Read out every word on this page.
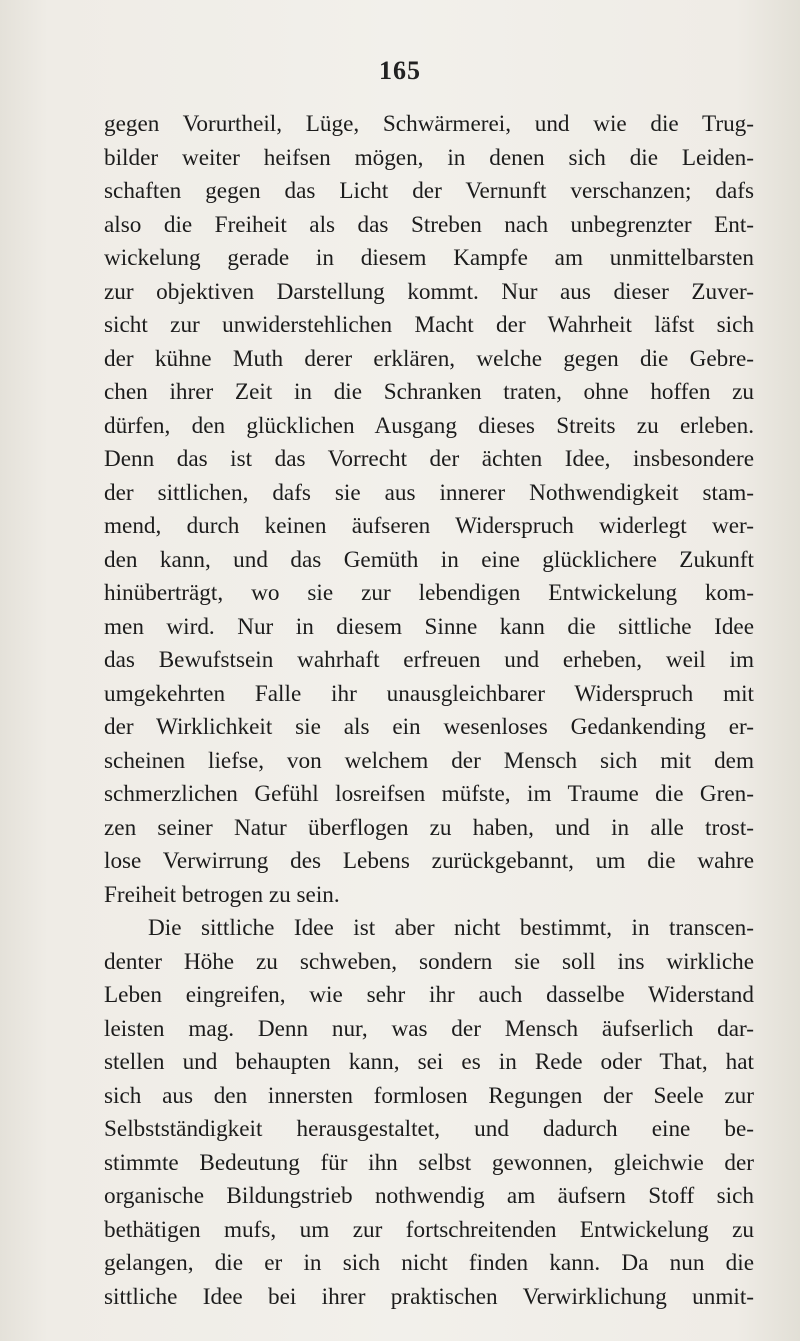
165
gegen Vorurtheil, Lüge, Schwärmerei, und wie die Trug-
bilder weiter heifsen mögen, in denen sich die Leiden-
schaften gegen das Licht der Vernunft verschanzen; dafs
also die Freiheit als das Streben nach unbegrenzter Ent-
wickelung gerade in diesem Kampfe am unmittelbarsten
zur objektiven Darstellung kommt. Nur aus dieser Zuver-
sicht zur unwiderstehlichen Macht der Wahrheit läfst sich
der kühne Muth derer erklären, welche gegen die Gebre-
chen ihrer Zeit in die Schranken traten, ohne hoffen zu
dürfen, den glücklichen Ausgang dieses Streits zu erleben.
Denn das ist das Vorrecht der ächten Idee, insbesondere
der sittlichen, dafs sie aus innerer Nothwendigkeit stam-
mend, durch keinen äufseren Widerspruch widerlegt wer-
den kann, und das Gemüth in eine glücklichere Zukunft
hinüberträgt, wo sie zur lebendigen Entwickelung kom-
men wird. Nur in diesem Sinne kann die sittliche Idee
das Bewufstsein wahrhaft erfreuen und erheben, weil im
umgekehrten Falle ihr unausgleichbarer Widerspruch mit
der Wirklichkeit sie als ein wesenloses Gedankending er-
scheinen liefse, von welchem der Mensch sich mit dem
schmerzlichen Gefühl losreifsen müfste, im Traume die Gren-
zen seiner Natur überflogen zu haben, und in alle trost-
lose Verwirrung des Lebens zurückgebannt, um die wahre
Freiheit betrogen zu sein.
Die sittliche Idee ist aber nicht bestimmt, in transcen-
denter Höhe zu schweben, sondern sie soll ins wirkliche
Leben eingreifen, wie sehr ihr auch dasselbe Widerstand
leisten mag. Denn nur, was der Mensch äufserlich dar-
stellen und behaupten kann, sei es in Rede oder That, hat
sich aus den innersten formlosen Regungen der Seele zur
Selbstständigkeit herausgestaltet, und dadurch eine be-
stimmte Bedeutung für ihn selbst gewonnen, gleichwie der
organische Bildungstrieb nothwendig am äufsern Stoff sich
bethätigen mufs, um zur fortschreitenden Entwickelung zu
gelangen, die er in sich nicht finden kann. Da nun die
sittliche Idee bei ihrer praktischen Verwirklichung unmit-
